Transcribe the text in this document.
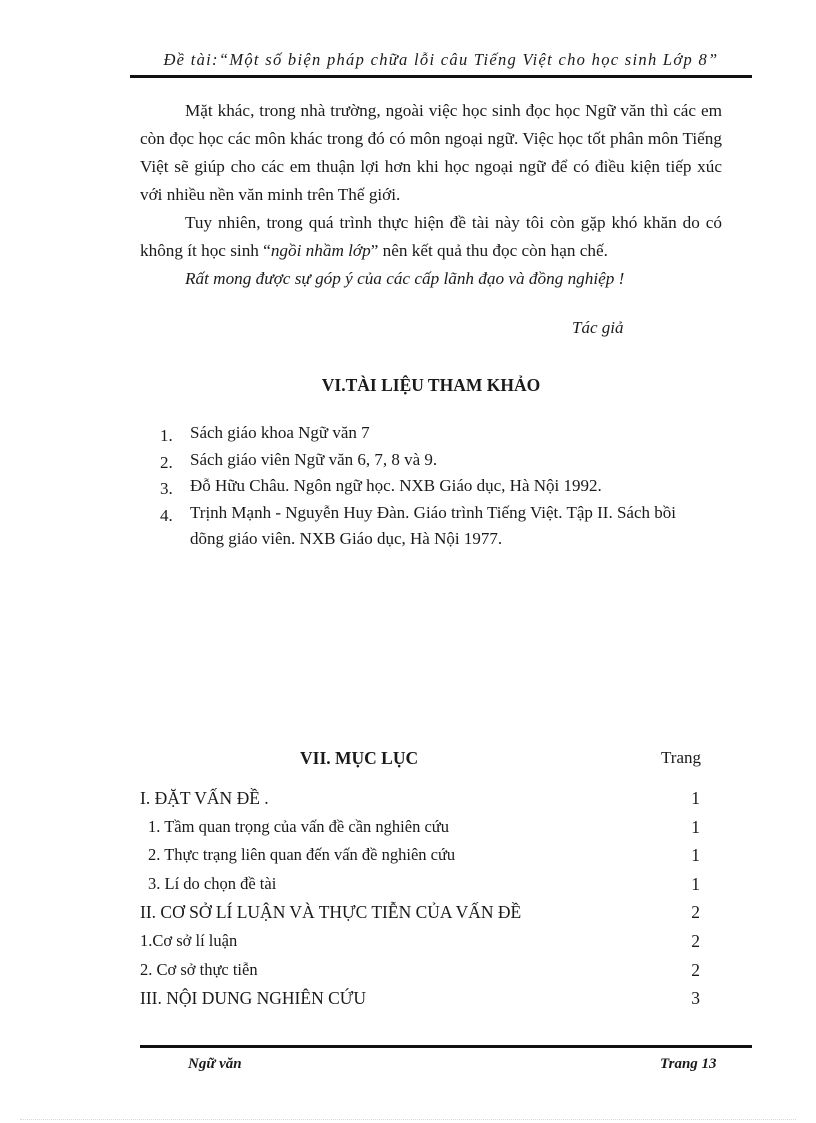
Đề tài:“Một số biện pháp chữa lỗi câu Tiếng Việt cho học sinh Lớp 8”

Mặt khác, trong nhà trường, ngoài việc học sinh đọc học Ngữ văn thì các em còn đọc học các môn khác trong đó có môn ngoại ngữ. Việc học tốt phân môn Tiếng Việt sẽ giúp cho các em thuận lợi hơn khi học ngoại ngữ để có điều kiện tiếp xúc với nhiều nền văn minh trên Thế giới.

Tuy nhiên, trong quá trình thực hiện đề tài này tôi còn gặp khó khăn do có không ít học sinh “ngồi nhầm lớp” nên kết quả thu đọc còn hạn chế.

Rất mong được sự góp ý của các cấp lãnh đạo và đồng nghiệp !

Tác giả
VI.TÀI LIỆU THAM KHẢO
1. Sách giáo khoa Ngữ văn 7
2. Sách giáo viên Ngữ văn 6, 7, 8 và 9.
3. Đỗ Hữu Châu. Ngôn ngữ học. NXB Giáo dục, Hà Nội 1992.
4. Trịnh Mạnh - Nguyễn Huy Đàn. Giáo trình Tiếng Việt. Tập II. Sách bồi dõng giáo viên. NXB Giáo dục, Hà Nội 1977.
VII. MỤC LỤC	Trang
I. ĐẶT VẤN ĐỀ .	1
1. Tầm quan trọng của vấn đề cần nghiên cứu	1
2. Thực trạng liên quan đến vấn đề nghiên cứu	1
3. Lí do chọn đề tài	1
II. CƠ SỞ LÍ LUẬN VÀ THỰC TIỄN CỦA VẤN ĐỀ	2
1.Cơ sở lí luận	2
2. Cơ sở thực tiễn	2
III. NỘI DUNG NGHIÊN CỨU	3
Ngữ văn	Trang 13
